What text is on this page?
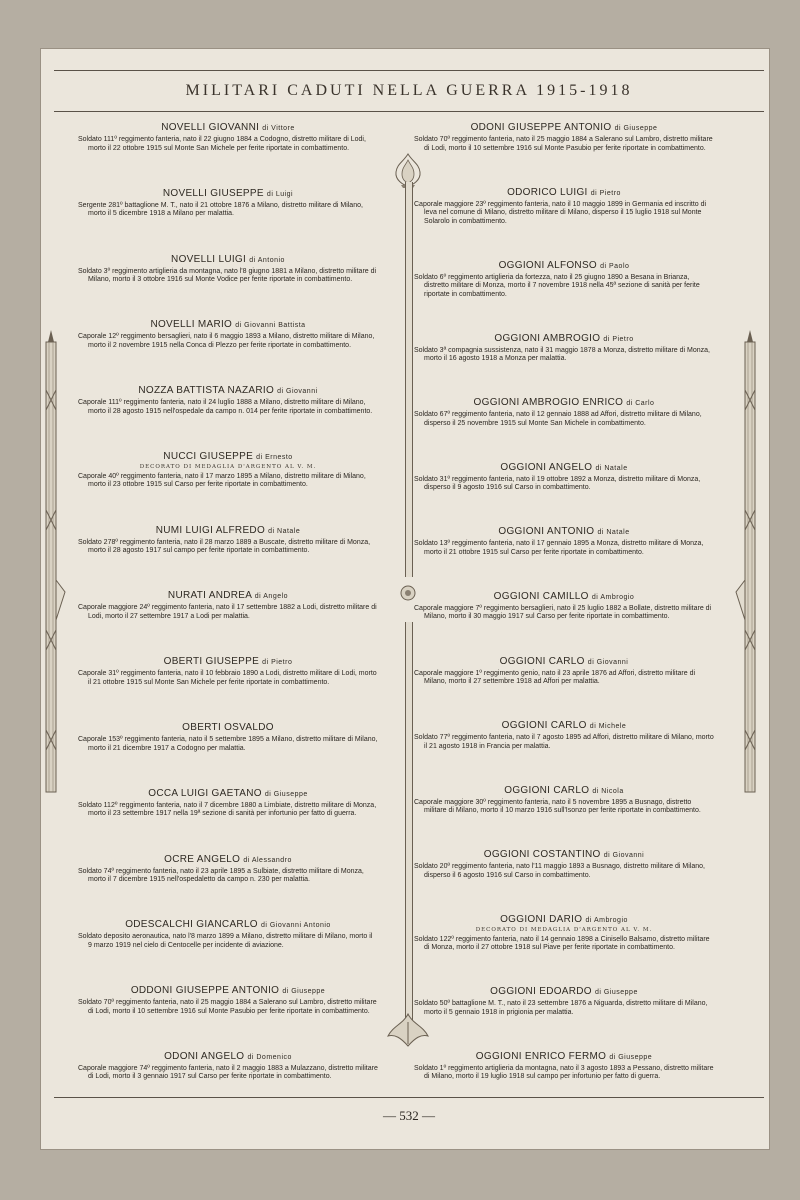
MILITARI CADUTI NELLA GUERRA 1915-1918
NOVELLI GIOVANNI di Vittore
Soldato 111º reggimento fanteria, nato il 22 giugno 1884 a Codogno, distretto militare di Lodi, morto il 22 ottobre 1915 sul Monte San Michele per ferite riportate in combattimento.
NOVELLI GIUSEPPE di Luigi
Sergente 281º battaglione M. T., nato il 21 ottobre 1876 a Milano, distretto militare di Milano, morto il 5 dicembre 1918 a Milano per malattia.
NOVELLI LUIGI di Antonio
Soldato 3º reggimento artiglieria da montagna, nato l'8 giugno 1881 a Milano, distretto militare di Milano, morto il 3 ottobre 1916 sul Monte Vodice per ferite riportate in combattimento.
NOVELLI MARIO di Giovanni Battista
Caporale 12º reggimento bersaglieri, nato il 6 maggio 1893 a Milano, distretto militare di Milano, morto il 2 novembre 1915 nella Conca di Plezzo per ferite riportate in combattimento.
NOZZA BATTISTA NAZARIO di Giovanni
Caporale 111º reggimento fanteria, nato il 24 luglio 1888 a Milano, distretto militare di Milano, morto il 28 agosto 1915 nell'ospedale da campo n. 014 per ferite riportate in combattimento.
NUCCI GIUSEPPE di Ernesto
DECORATO DI MEDAGLIA D'ARGENTO AL V. M.
Caporale 40º reggimento fanteria, nato il 17 marzo 1895 a Milano, distretto militare di Milano, morto il 23 ottobre 1915 sul Carso per ferite riportate in combattimento.
NUMI LUIGI ALFREDO di Natale
Soldato 278º reggimento fanteria, nato il 28 marzo 1889 a Buscate, distretto militare di Monza, morto il 28 agosto 1917 sul campo per ferite riportate in combattimento.
NURATI ANDREA di Angelo
Caporale maggiore 24º reggimento fanteria, nato il 17 settembre 1882 a Lodi, distretto militare di Lodi, morto il 27 settembre 1917 a Lodi per malattia.
OBERTI GIUSEPPE di Pietro
Caporale 31º reggimento fanteria, nato il 10 febbraio 1890 a Lodi, distretto militare di Lodi, morto il 21 ottobre 1915 sul Monte San Michele per ferite riportate in combattimento.
OBERTI OSVALDO
Caporale 153º reggimento fanteria, nato il 5 settembre 1895 a Milano, distretto militare di Milano, morto il 21 dicembre 1917 a Codogno per malattia.
OCCA LUIGI GAETANO di Giuseppe
Soldato 112º reggimento fanteria, nato il 7 dicembre 1880 a Limbiate, distretto militare di Monza, morto il 23 settembre 1917 nella 19ª sezione di sanità per infortunio per fatto di guerra.
OCRE ANGELO di Alessandro
Soldato 74º reggimento fanteria, nato il 23 aprile 1895 a Sulbiate, distretto militare di Monza, morto il 7 dicembre 1915 nell'ospedaletto da campo n. 230 per malattia.
ODESCALCHI GIANCARLO di Giovanni Antonio
Soldato deposito aeronautica, nato l'8 marzo 1899 a Milano, distretto militare di Milano, morto il 9 marzo 1919 nel cielo di Centocelle per incidente di aviazione.
ODDONI GIUSEPPE ANTONIO di Giuseppe
Soldato 70º reggimento fanteria, nato il 25 maggio 1884 a Salerano sul Lambro, distretto militare di Lodi, morto il 10 settembre 1916 sul Monte Pasubio per ferite riportate in combattimento.
ODONI ANGELO di Domenico
Caporale maggiore 74º reggimento fanteria, nato il 2 maggio 1883 a Mulazzano, distretto militare di Lodi, morto il 3 gennaio 1917 sul Carso per ferite riportate in combattimento.
ODONI GIUSEPPE ANTONIO di Giuseppe
Soldato 70º reggimento fanteria, nato il 25 maggio 1884 a Salerano sul Lambro, distretto militare di Lodi, morto il 10 settembre 1916 sul Monte Pasubio per ferite riportate in combattimento.
ODORICO LUIGI di Pietro
Caporale maggiore 23º reggimento fanteria, nato il 10 maggio 1899 in Germania ed inscritto di leva nel comune di Milano, distretto militare di Milano, disperso il 15 luglio 1918 sul Monte Solarolo in combattimento.
OGGIONI ALFONSO di Paolo
Soldato 6º reggimento artiglieria da fortezza, nato il 25 giugno 1890 a Besana in Brianza, distretto militare di Monza, morto il 7 novembre 1918 nella 45ª sezione di sanità per ferite riportate in combattimento.
OGGIONI AMBROGIO di Pietro
Soldato 3ª compagnia sussistenza, nato il 31 maggio 1878 a Monza, distretto militare di Monza, morto il 16 agosto 1918 a Monza per malattia.
OGGIONI AMBROGIO ENRICO di Carlo
Soldato 67º reggimento fanteria, nato il 12 gennaio 1888 ad Affori, distretto militare di Milano, disperso il 25 novembre 1915 sul Monte San Michele in combattimento.
OGGIONI ANGELO di Natale
Soldato 31º reggimento fanteria, nato il 19 ottobre 1892 a Monza, distretto militare di Monza, disperso il 9 agosto 1916 sul Carso in combattimento.
OGGIONI ANTONIO di Natale
Soldato 13º reggimento fanteria, nato il 17 gennaio 1895 a Monza, distretto militare di Monza, morto il 21 ottobre 1915 sul Carso per ferite riportate in combattimento.
OGGIONI CAMILLO di Ambrogio
Caporale maggiore 7º reggimento bersaglieri, nato il 25 luglio 1882 a Bollate, distretto militare di Milano, morto il 30 maggio 1917 sul Carso per ferite riportate in combattimento.
OGGIONI CARLO di Giovanni
Caporale maggiore 1º reggimento genio, nato il 23 aprile 1876 ad Affori, distretto militare di Milano, morto il 27 settembre 1918 ad Affori per malattia.
OGGIONI CARLO di Michele
Soldato 77º reggimento fanteria, nato il 7 agosto 1895 ad Affori, distretto militare di Milano, morto il 21 agosto 1918 in Francia per malattia.
OGGIONI CARLO di Nicola
Caporale maggiore 30º reggimento fanteria, nato il 5 novembre 1895 a Busnago, distretto militare di Milano, morto il 10 marzo 1916 sull'Isonzo per ferite riportate in combattimento.
OGGIONI COSTANTINO di Giovanni
Soldato 20º reggimento fanteria, nato l'11 maggio 1893 a Busnago, distretto militare di Milano, disperso il 6 agosto 1916 sul Carso in combattimento.
OGGIONI DARIO di Ambrogio
DECORATO DI MEDAGLIA D'ARGENTO AL V. M.
Soldato 122º reggimento fanteria, nato il 14 gennaio 1898 a Cinisello Balsamo, distretto militare di Monza, morto il 27 ottobre 1918 sul Piave per ferite riportate in combattimento.
OGGIONI EDOARDO di Giuseppe
Soldato 50º battaglione M. T., nato il 23 settembre 1876 a Niguarda, distretto militare di Milano, morto il 5 gennaio 1918 in prigionia per malattia.
OGGIONI ENRICO FERMO di Giuseppe
Soldato 1º reggimento artiglieria da montagna, nato il 3 agosto 1893 a Pessano, distretto militare di Milano, morto il 19 luglio 1918 sul campo per infortunio per fatto di guerra.
— 532 —
